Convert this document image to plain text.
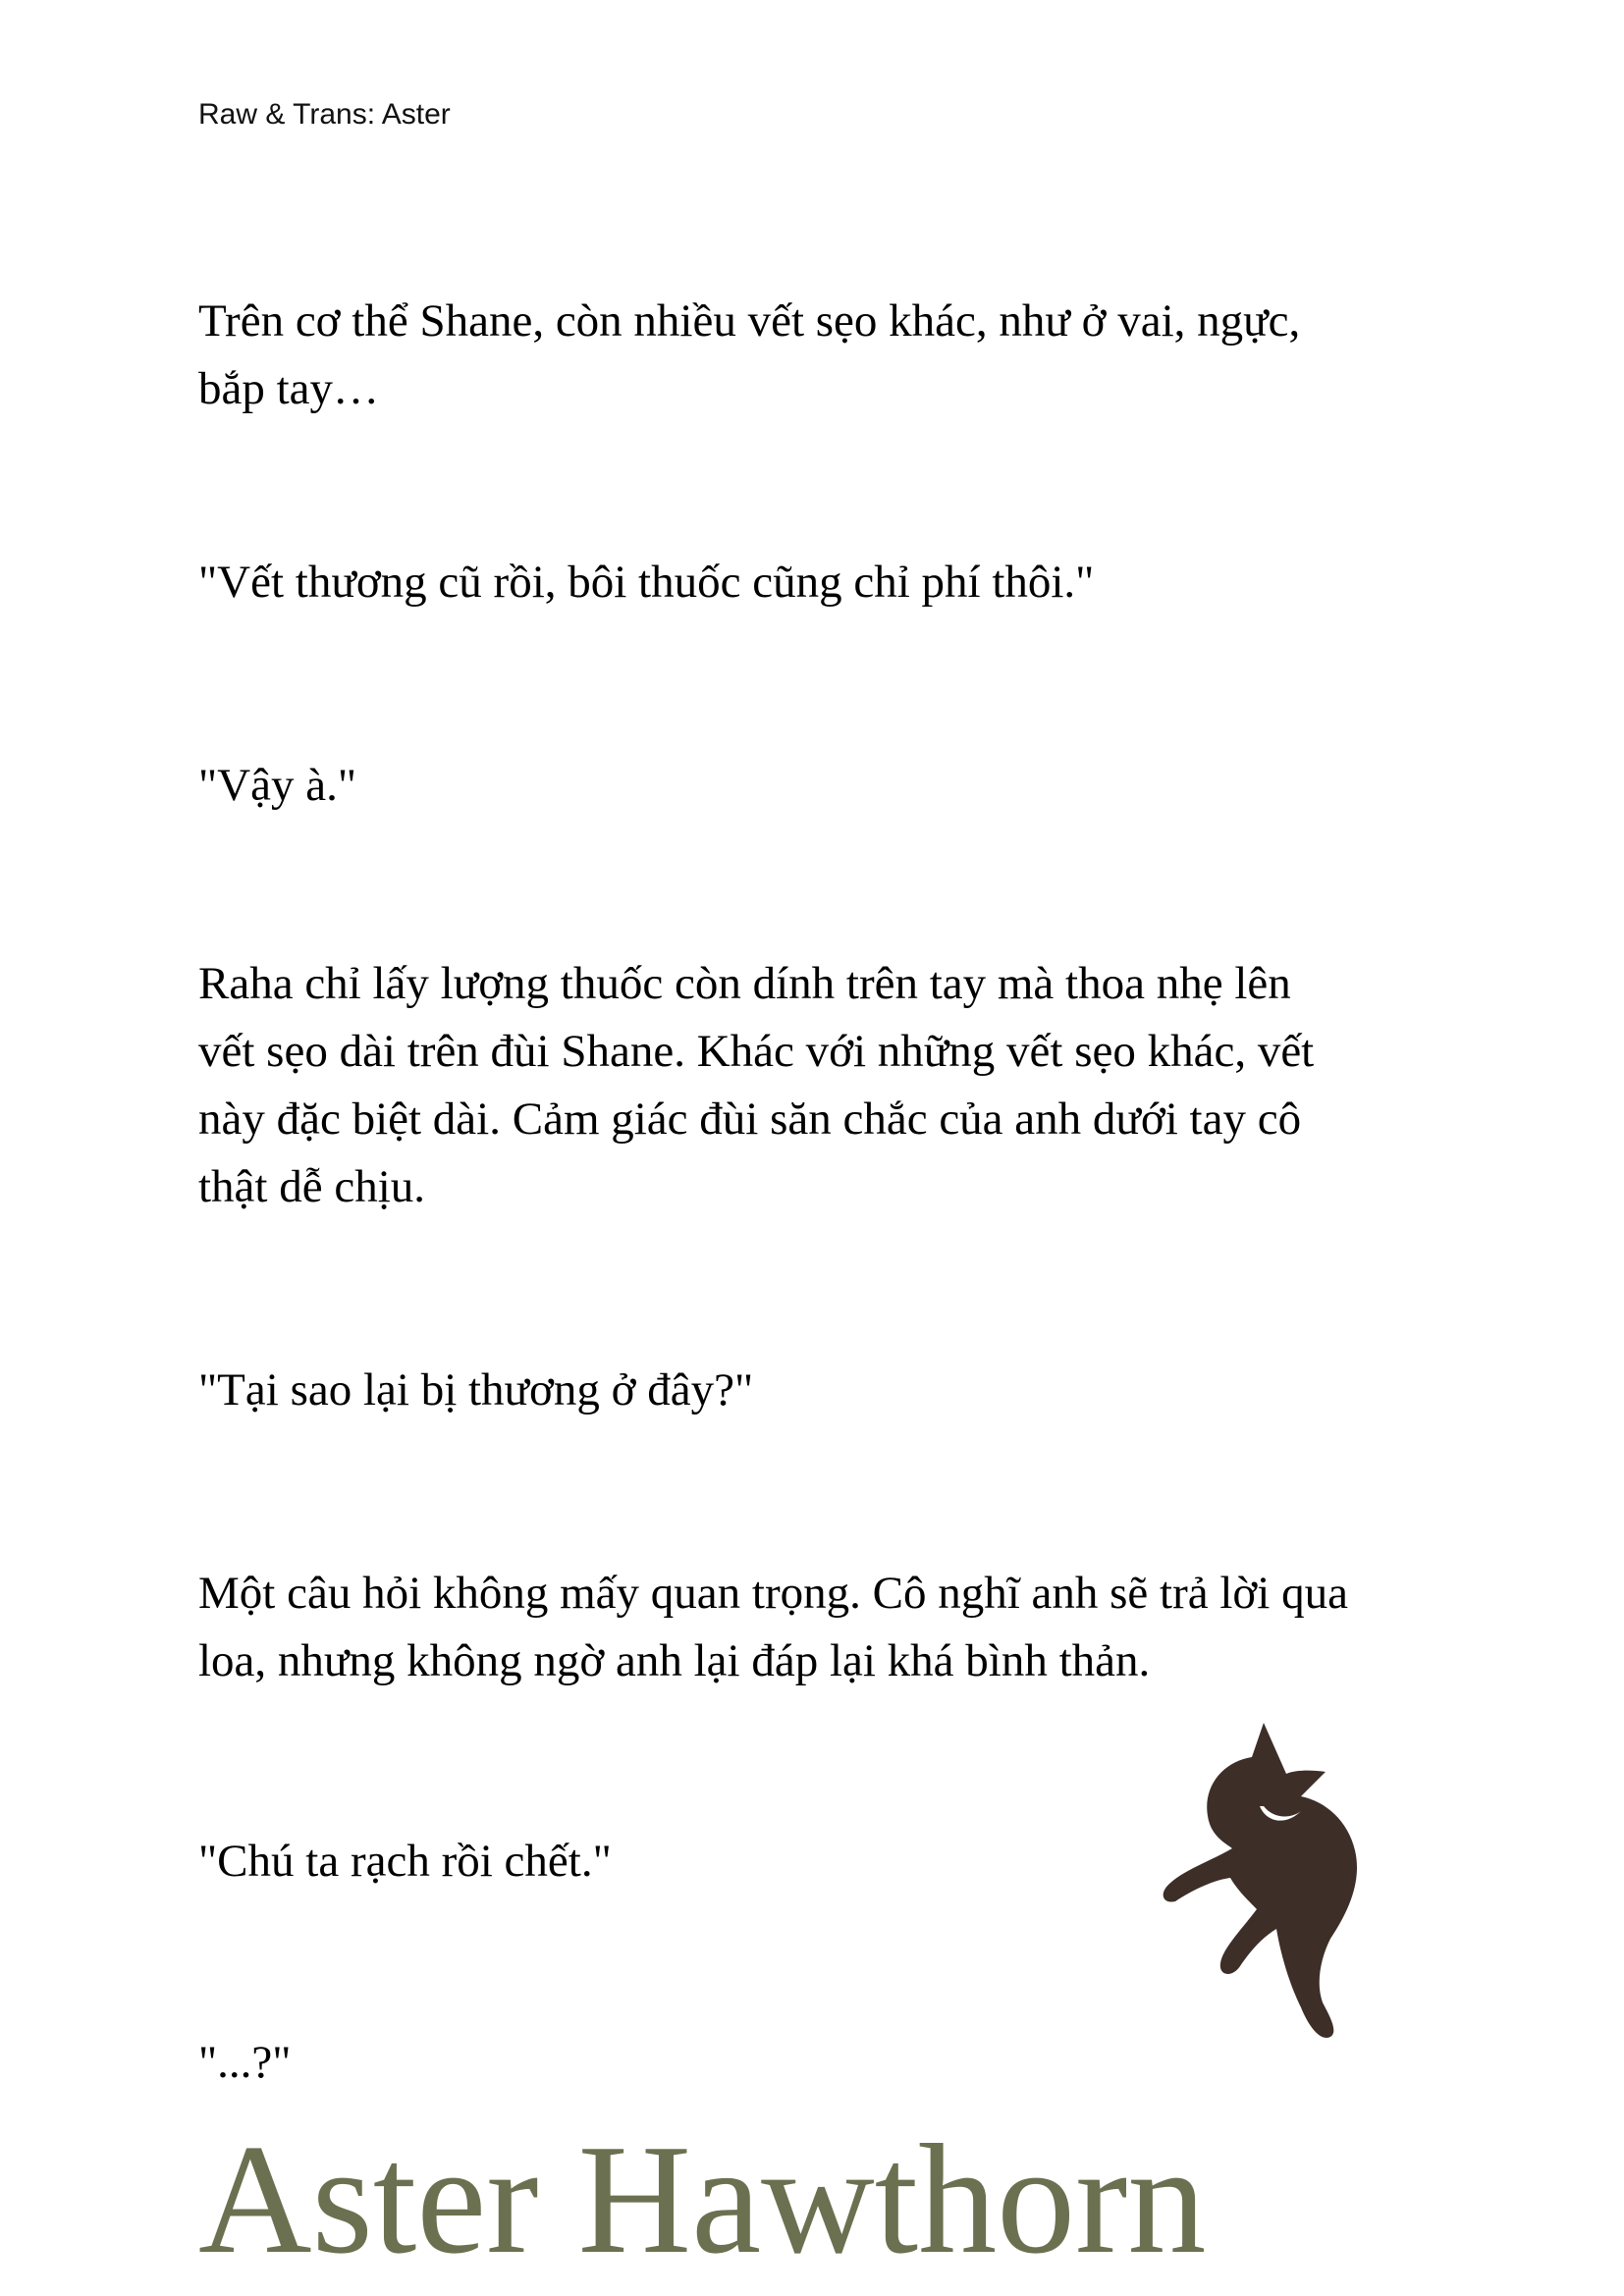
Raw & Trans: Aster
Trên cơ thể Shane, còn nhiều vết sẹo khác, như ở vai, ngực,
bắp tay…
"Vết thương cũ rồi, bôi thuốc cũng chỉ phí thôi."
"Vậy à."
Raha chỉ lấy lượng thuốc còn dính trên tay mà thoa nhẹ lên
vết sẹo dài trên đùi Shane. Khác với những vết sẹo khác, vết
này đặc biệt dài. Cảm giác đùi săn chắc của anh dưới tay cô
thật dễ chịu.
"Tại sao lại bị thương ở đây?"
Một câu hỏi không mấy quan trọng. Cô nghĩ anh sẽ trả lời qua
loa, nhưng không ngờ anh lại đáp lại khá bình thản.
"Chú ta rạch rồi chết."
"...?"
Aster Hawthorn
